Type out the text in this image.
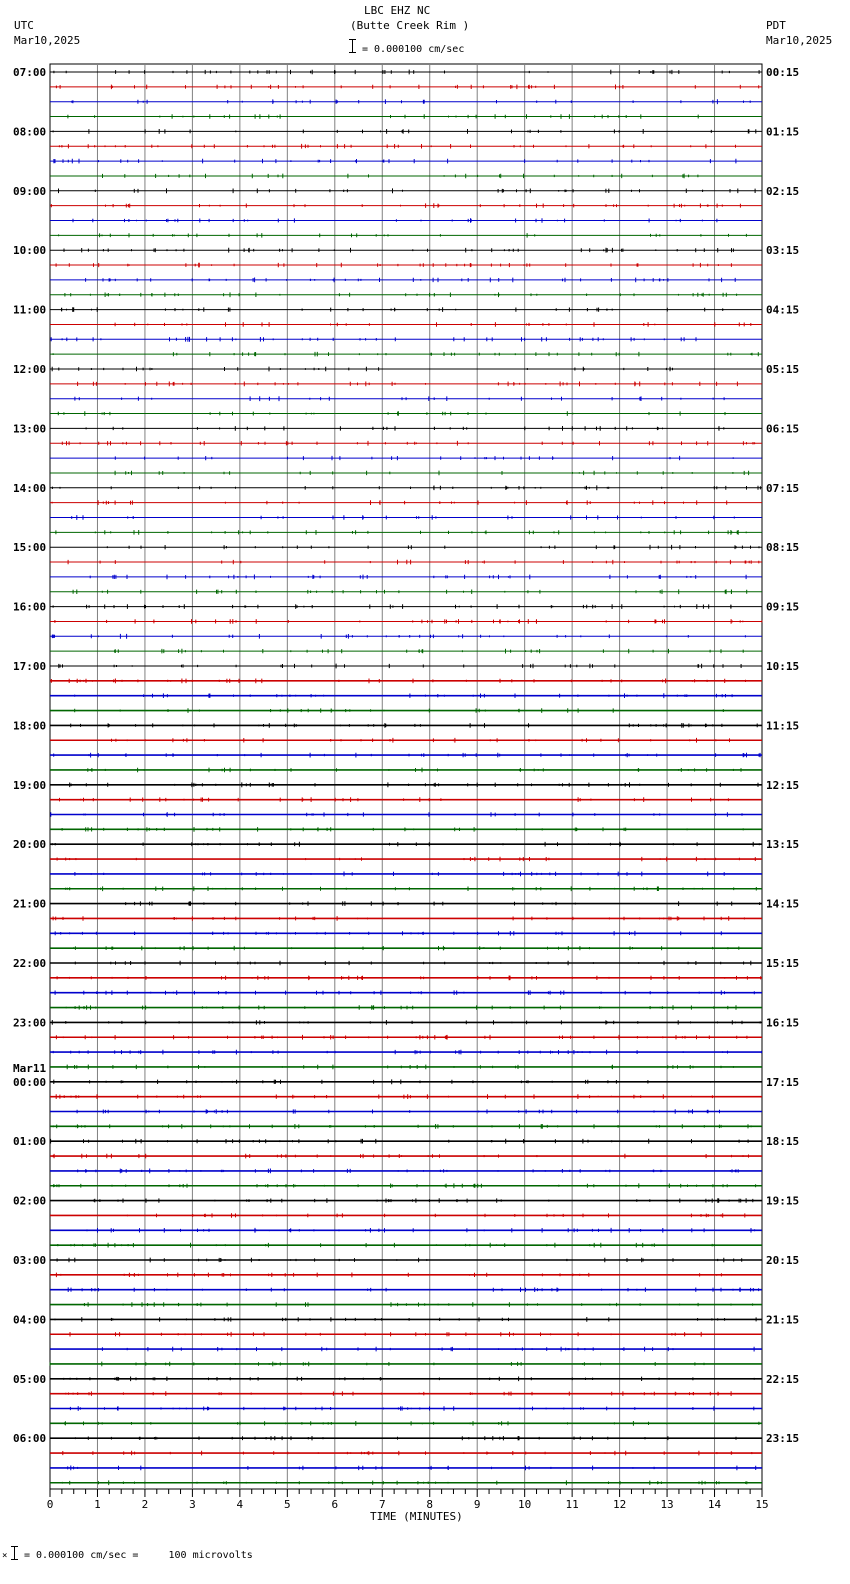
LBC EHZ NC
(Butte Creek Rim )
= 0.000100 cm/sec
UTC
Mar10,2025
PDT
Mar10,2025
07:00
08:00
09:00
10:00
11:00
12:00
13:00
14:00
15:00
16:00
17:00
18:00
19:00
20:00
21:00
22:00
23:00
00:00
01:00
02:00
03:00
04:00
05:00
06:00
00:15
01:15
02:15
03:15
04:15
05:15
06:15
07:15
08:15
09:15
10:15
11:15
12:15
13:15
14:15
15:15
16:15
17:15
18:15
19:15
20:15
21:15
22:15
23:15
Mar11
0	1	2	3	4	5	6	7	8	9	10	11	12	13	14	15
TIME (MINUTES)
× = 0.000100 cm/sec =     100 microvolts
